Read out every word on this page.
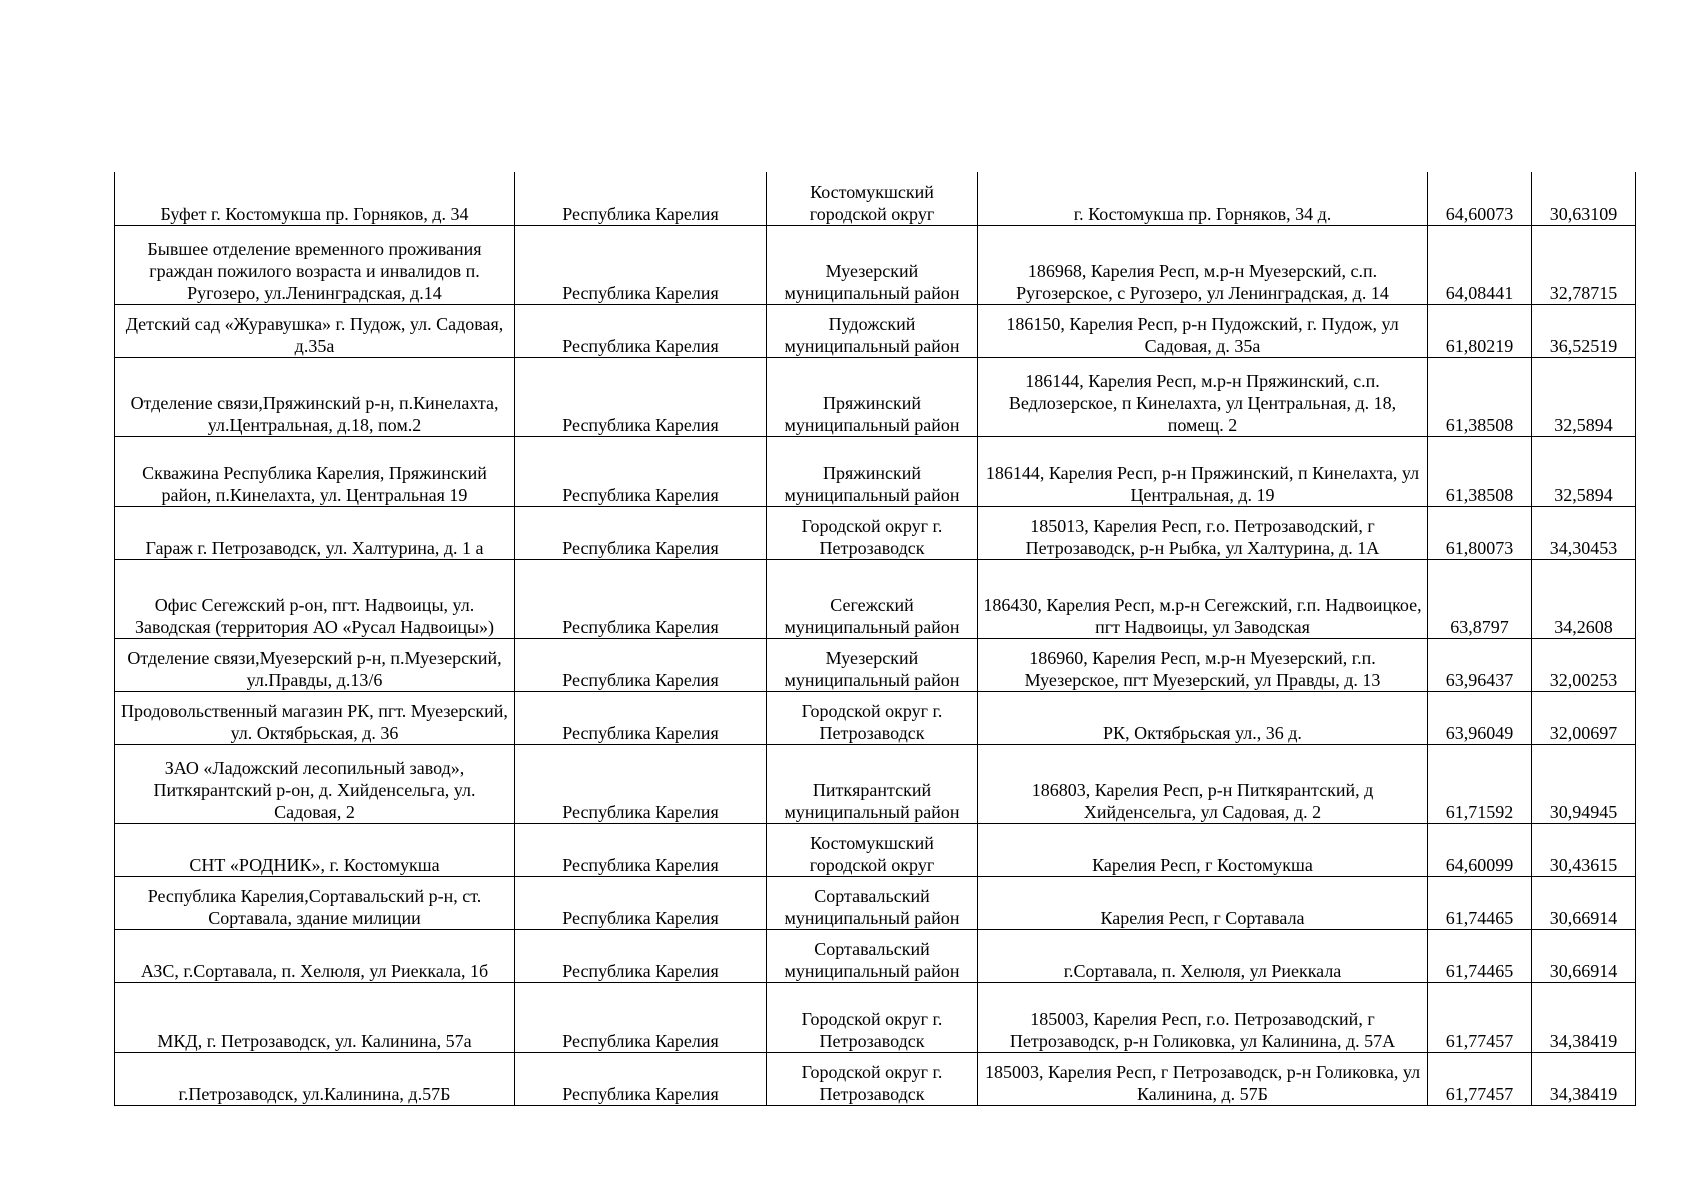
Буфет г. Костомукша пр. Горняков, д. 34	Республика Карелия	Костомукшский городской округ	г. Костомукша пр. Горняков, 34 д.	64,60073	30,63109
Бывшее отделение временного проживания граждан пожилого возраста и инвалидов п. Ругозеро, ул.Ленинградская, д.14	Республика Карелия	Муезерский муниципальный район	186968, Карелия Респ, м.р-н Муезерский, с.п. Ругозерское, с Ругозеро, ул Ленинградская, д. 14	64,08441	32,78715
Детский сад «Журавушка» г. Пудож, ул. Садовая, д.35а	Республика Карелия	Пудожский муниципальный район	186150, Карелия Респ, р-н Пудожский, г. Пудож, ул Садовая, д. 35а	61,80219	36,52519
Отделение связи,Пряжинский р-н, п.Кинелахта, ул.Центральная, д.18, пом.2	Республика Карелия	Пряжинский муниципальный район	186144, Карелия Респ, м.р-н Пряжинский, с.п. Ведлозерское, п Кинелахта, ул Центральная, д. 18, помещ. 2	61,38508	32,5894
Скважина Республика Карелия, Пряжинский район, п.Кинелахта, ул. Центральная 19	Республика Карелия	Пряжинский муниципальный район	186144, Карелия Респ, р-н Пряжинский, п Кинелахта, ул Центральная, д. 19	61,38508	32,5894
Гараж г. Петрозаводск, ул. Халтурина, д. 1 а	Республика Карелия	Городской округ г. Петрозаводск	185013, Карелия Респ, г.о. Петрозаводский, г Петрозаводск, р-н Рыбка, ул Халтурина, д. 1А	61,80073	34,30453
Офис Сегежский р-он, пгт. Надвоицы, ул. Заводская (территория АО «Русал Надвоицы»)	Республика Карелия	Сегежский муниципальный район	186430, Карелия Респ, м.р-н Сегежский, г.п. Надвоицкое, пгт Надвоицы, ул Заводская	63,8797	34,2608
Отделение связи,Муезерский р-н, п.Муезерский, ул.Правды, д.13/6	Республика Карелия	Муезерский муниципальный район	186960, Карелия Респ, м.р-н Муезерский, г.п. Муезерское, пгт Муезерский, ул Правды, д. 13	63,96437	32,00253
Продовольственный магазин РК, пгт. Муезерский, ул. Октябрьская, д. 36	Республика Карелия	Городской округ г. Петрозаводск	РК, Октябрьская ул., 36 д.	63,96049	32,00697
ЗАО «Ладожский лесопильный завод», Питкярантский р-он, д. Хийденсельга, ул. Садовая, 2	Республика Карелия	Питкярантский муниципальный район	186803, Карелия Респ, р-н Питкярантский, д Хийденсельга, ул Садовая, д. 2	61,71592	30,94945
СНТ «РОДНИК», г. Костомукша	Республика Карелия	Костомукшский городской округ	Карелия Респ, г Костомукша	64,60099	30,43615
Республика Карелия,Сортавальский р-н, ст. Сортавала, здание милиции	Республика Карелия	Сортавальский муниципальный район	Карелия Респ, г Сортавала	61,74465	30,66914
АЗС, г.Сортавала, п. Хелюля, ул Риеккала, 1б	Республика Карелия	Сортавальский муниципальный район	г.Сортавала, п. Хелюля, ул Риеккала	61,74465	30,66914
МКД, г. Петрозаводск, ул. Калинина, 57а	Республика Карелия	Городской округ г. Петрозаводск	185003, Карелия Респ, г.о. Петрозаводский, г Петрозаводск, р-н Голиковка, ул Калинина, д. 57А	61,77457	34,38419
г.Петрозаводск, ул.Калинина, д.57Б	Республика Карелия	Городской округ г. Петрозаводск	185003, Карелия Респ, г Петрозаводск, р-н Голиковка, ул Калинина, д. 57Б	61,77457	34,38419
